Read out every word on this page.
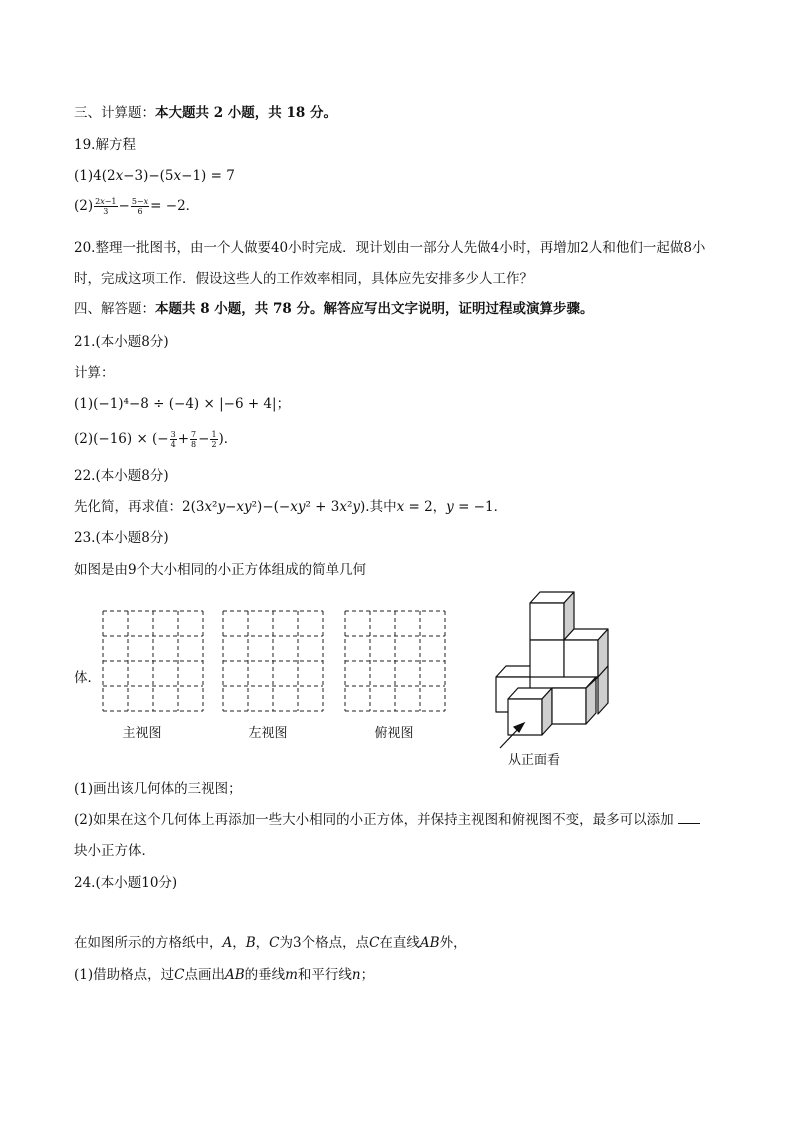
三、计算题：本大题共 2 小题，共 18 分。
19.解方程
(1)4(2𝑥−3)−(5𝑥−1) = 7
$(2) \frac{\text{2𝑥−1}}{3} - \frac{\text{5−𝑥}}{6} = -2$．
20.整理一批图书，由一个人做要40小时完成．现计划由一部分人先做4小时，再增加2人和他们一起做8小
时，完成这项工作．假设这些人的工作效率相同，具体应先安排多少人工作？
四、解答题：本题共 8 小题，共 78 分。解答应写出文字说明，证明过程或演算步骤。
21.(本小题8分)
计算：
(1)(−1)⁴−8 ÷ (−4) × |−6 + 4|；
(2)(−16) × (− $\frac{3}{4} + \frac{7}{8} - \frac{1}{2}$ )．
22.(本小题8分)
先化简，再求值：2(3𝑥²𝑦−𝑥𝑦²)−(−𝑥𝑦² + 3𝑥²𝑦).其中𝑥 = 2，𝑦 = −1．
23.(本小题8分)
如图是由9个大小相同的小正方体组成的简单几何
体．
主视图	左视图	俯视图
从正面看
(1)画出该几何体的三视图；
(2)如果在这个几何体上再添加一些大小相同的小正方体，并保持主视图和俯视图不变，最多可以添加
块小正方体．
24.(本小题10分)
在如图所示的方格纸中，𝐴，𝐵，𝐶为3个格点，点𝐶在直线𝐴𝐵外，
(1)借助格点，过𝐶点画出𝐴𝐵的垂线𝑚和平行线𝑛；
